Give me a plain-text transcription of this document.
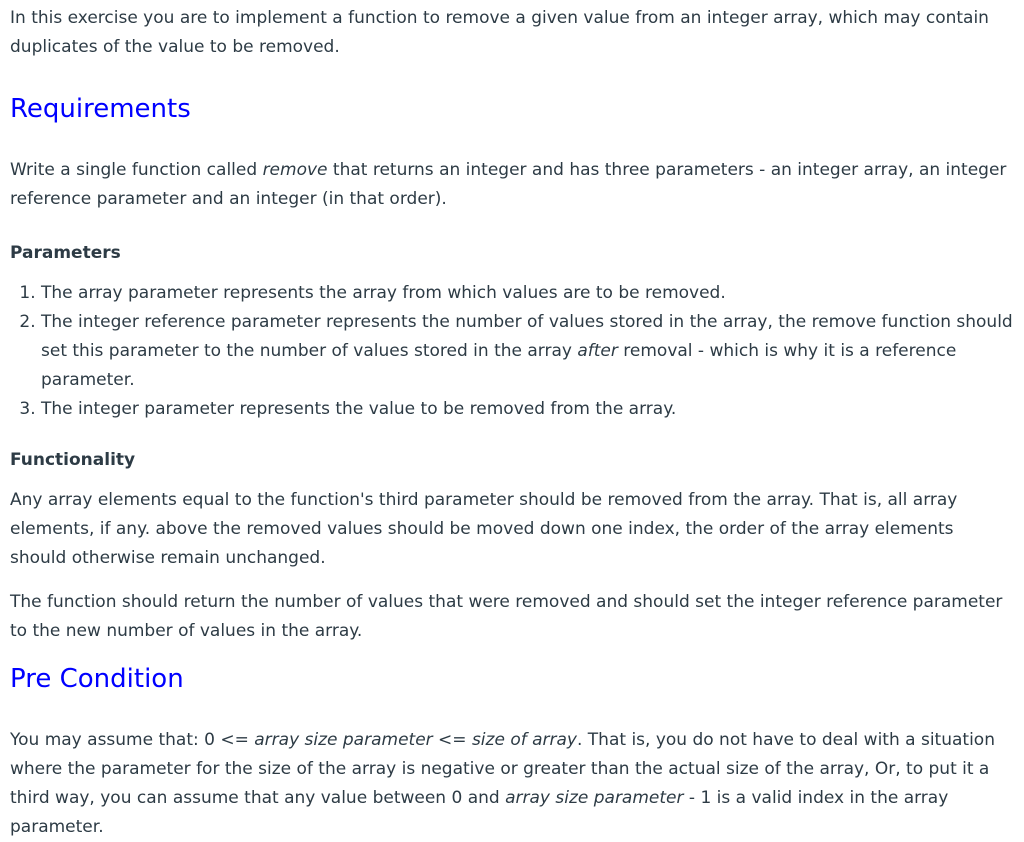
In this exercise you are to implement a function to remove a given value from an integer array, which may contain duplicates of the value to be removed.

Requirements

Write a single function called remove that returns an integer and has three parameters - an integer array, an integer reference parameter and an integer (in that order).

Parameters
1. The array parameter represents the array from which values are to be removed.
2. The integer reference parameter represents the number of values stored in the array, the remove function should set this parameter to the number of values stored in the array after removal - which is why it is a reference parameter.
3. The integer parameter represents the value to be removed from the array.
Functionality

Any array elements equal to the function's third parameter should be removed from the array. That is, all array elements, if any. above the removed values should be moved down one index, the order of the array elements should otherwise remain unchanged.

The function should return the number of values that were removed and should set the integer reference parameter to the new number of values in the array.

Pre Condition

You may assume that: 0 <= array size parameter <= size of array. That is, you do not have to deal with a situation where the parameter for the size of the array is negative or greater than the actual size of the array, Or, to put it a third way, you can assume that any value between 0 and array size parameter - 1 is a valid index in the array parameter.
